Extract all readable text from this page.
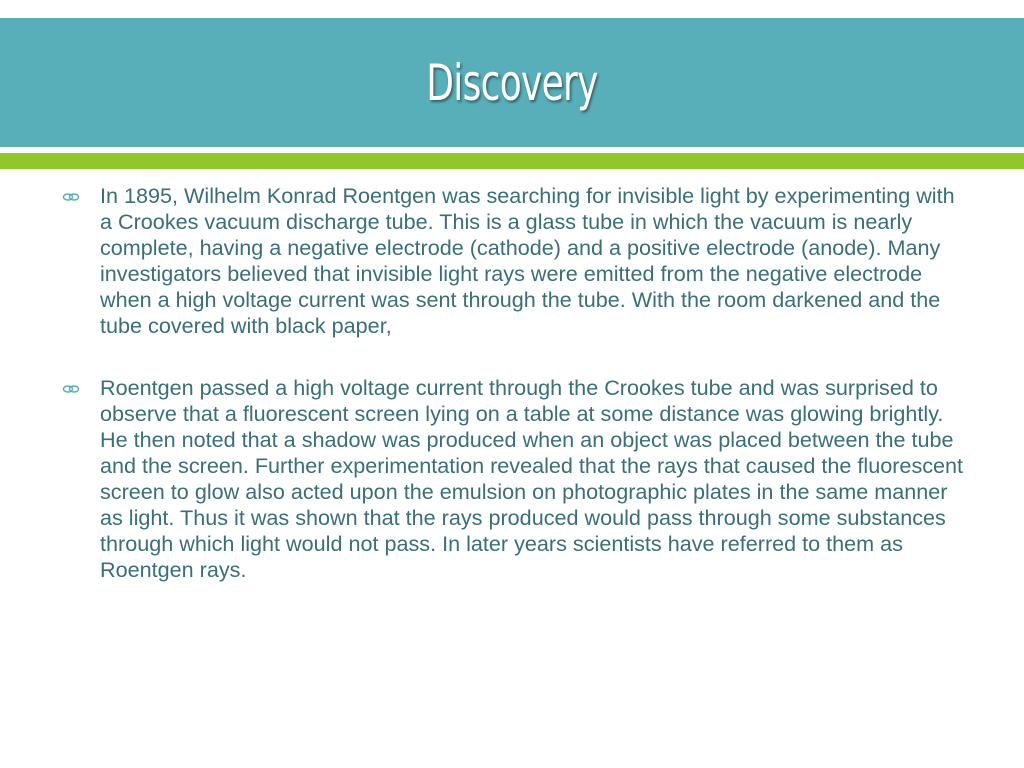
Discovery

In 1895, Wilhelm Konrad Roentgen was searching for invisible light by experimenting with a Crookes vacuum discharge tube. This is a glass tube in which the vacuum is nearly complete, having a negative electrode (cathode) and a positive electrode (anode). Many investigators believed that invisible light rays were emitted from the negative electrode when a high voltage current was sent through the tube. With the room darkened and the tube covered with black paper,

Roentgen passed a high voltage current through the Crookes tube and was surprised to observe that a fluorescent screen lying on a table at some distance was glowing brightly. He then noted that a shadow was produced when an object was placed between the tube and the screen. Further experimentation revealed that the rays that caused the fluorescent screen to glow also acted upon the emulsion on photographic plates in the same manner as light. Thus it was shown that the rays produced would pass through some substances through which light would not pass. In later years scientists have referred to them as Roentgen rays.
